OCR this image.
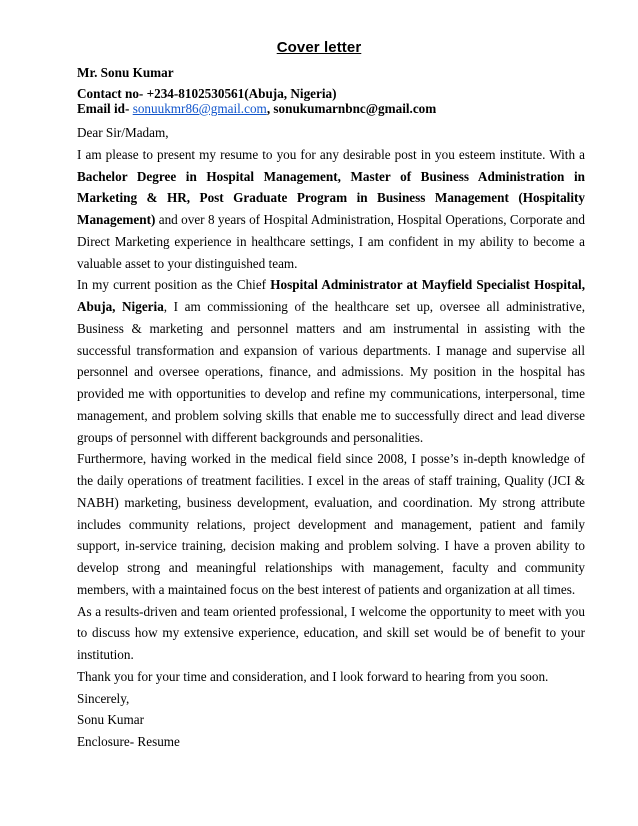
Cover letter
Mr. Sonu Kumar
Contact no- +234-8102530561(Abuja, Nigeria)
Email id- sonuukmr86@gmail.com, sonukumarnbnc@gmail.com

Dear Sir/Madam,

I am please to present my resume to you for any desirable post in you esteem institute. With a Bachelor Degree in Hospital Management, Master of Business Administration in Marketing & HR, Post Graduate Program in Business Management (Hospitality Management) and over 8 years of Hospital Administration, Hospital Operations, Corporate and Direct Marketing experience in healthcare settings, I am confident in my ability to become a valuable asset to your distinguished team.

In my current position as the Chief Hospital Administrator at Mayfield Specialist Hospital, Abuja, Nigeria, I am commissioning of the healthcare set up, oversee all administrative, Business & marketing and personnel matters and am instrumental in assisting with the successful transformation and expansion of various departments. I manage and supervise all personnel and oversee operations, finance, and admissions. My position in the hospital has provided me with opportunities to develop and refine my communications, interpersonal, time management, and problem solving skills that enable me to successfully direct and lead diverse groups of personnel with different backgrounds and personalities.

Furthermore, having worked in the medical field since 2008, I posse’s in-depth knowledge of the daily operations of treatment facilities. I excel in the areas of staff training, Quality (JCI & NABH) marketing, business development, evaluation, and coordination. My strong attribute includes community relations, project development and management, patient and family support, in-service training, decision making and problem solving. I have a proven ability to develop strong and meaningful relationships with management, faculty and community members, with a maintained focus on the best interest of patients and organization at all times.

As a results-driven and team oriented professional, I welcome the opportunity to meet with you to discuss how my extensive experience, education, and skill set would be of benefit to your institution.

Thank you for your time and consideration, and I look forward to hearing from you soon.

Sincerely,

Sonu Kumar

Enclosure- Resume
